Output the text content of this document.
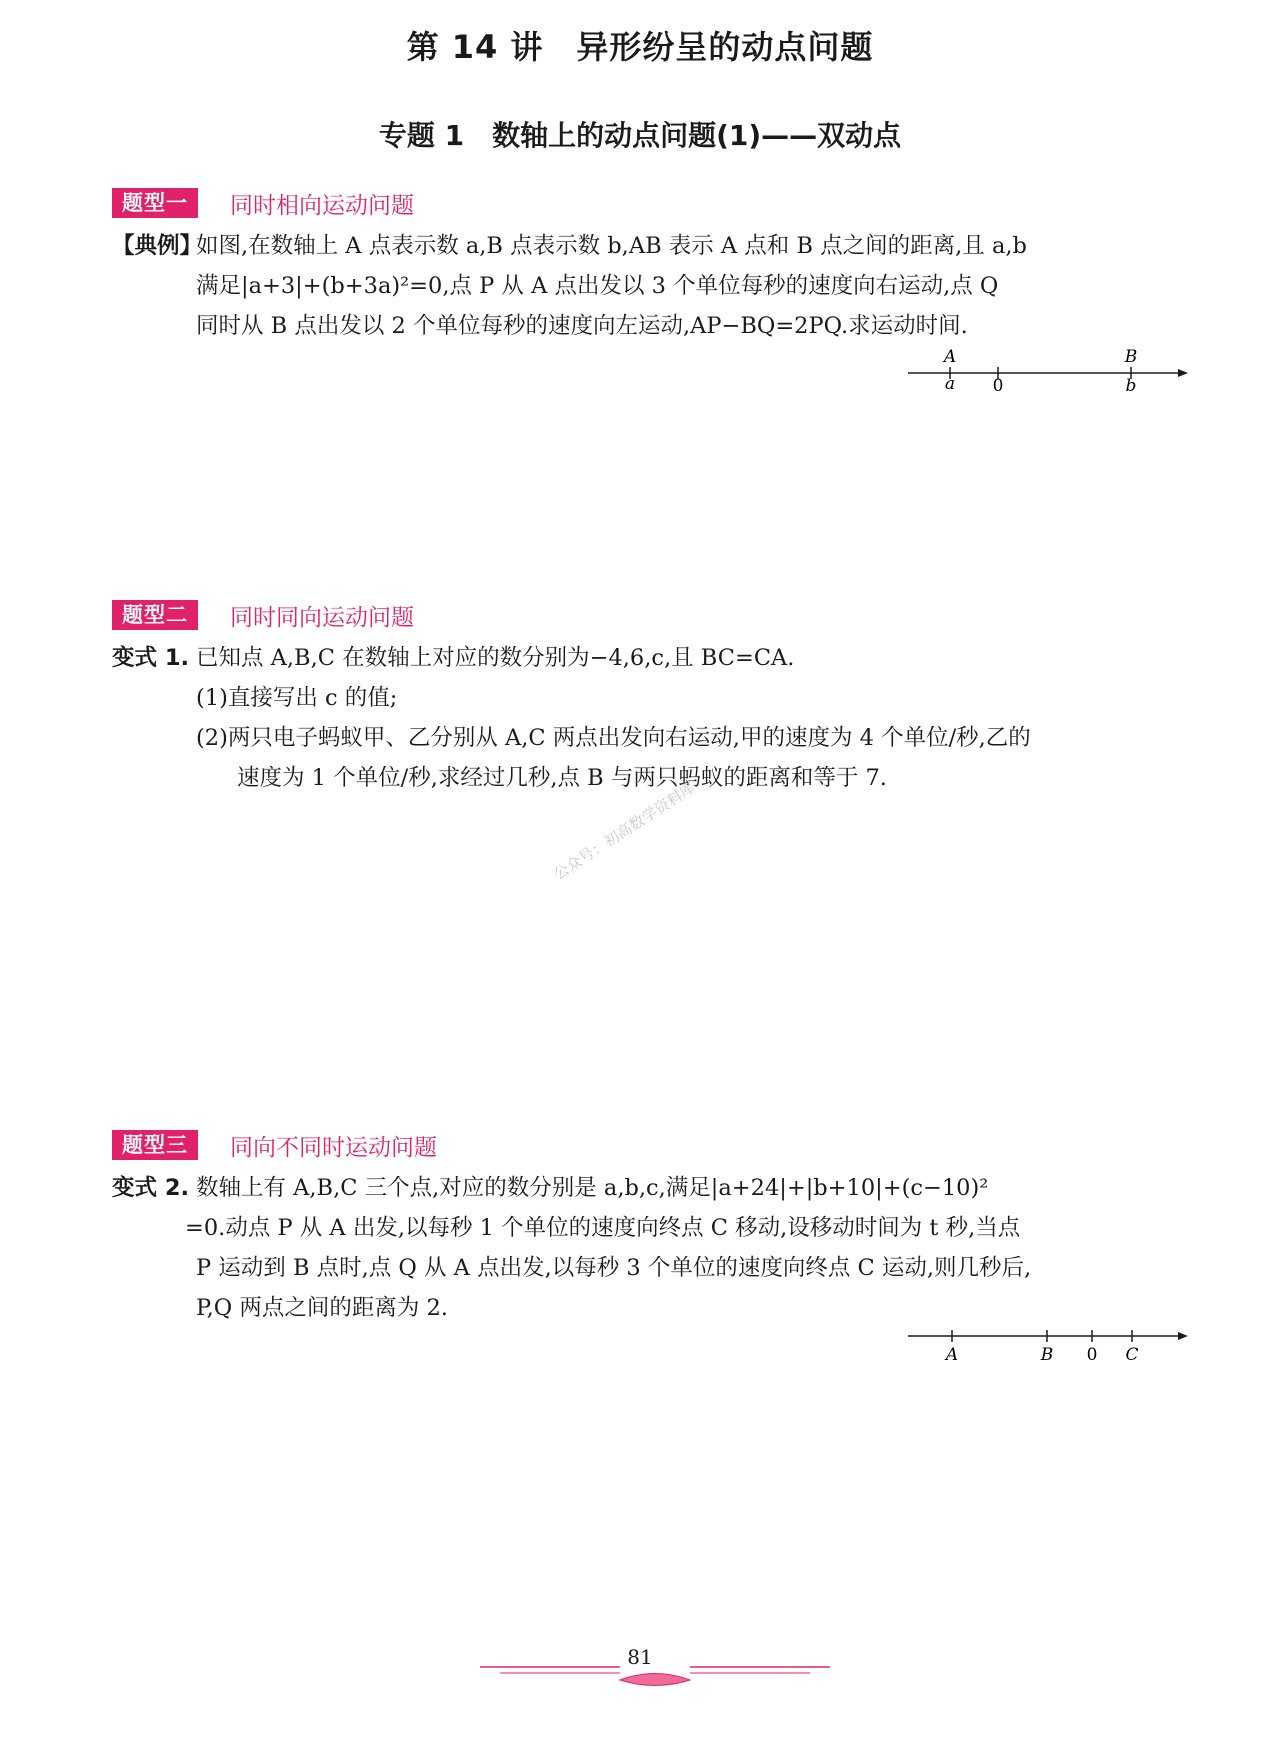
第 14 讲　异形纷呈的动点问题
专题 1　数轴上的动点问题(1)——双动点
题型一	同时相向运动问题
【典例】
如图,在数轴上 A 点表示数 a,B 点表示数 b,AB 表示 A 点和 B 点之间的距离,且 a,b
满足|a+3|+(b+3a)²=0,点 P 从 A 点出发以 3 个单位每秒的速度向右运动,点 Q
同时从 B 点出发以 2 个单位每秒的速度向左运动,AP−BQ=2PQ.求运动时间.
A	B
a 0	b
题型二	同时同向运动问题
变式 1. 已知点 A,B,C 在数轴上对应的数分别为−4,6,c,且 BC=CA.
(1)直接写出 c 的值;
(2)两只电子蚂蚁甲、乙分别从 A,C 两点出发向右运动,甲的速度为 4 个单位/秒,乙的
速度为 1 个单位/秒,求经过几秒,点 B 与两只蚂蚁的距离和等于 7.
公众号：初高数学资料库
题型三	同向不同时运动问题
变式 2. 数轴上有 A,B,C 三个点,对应的数分别是 a,b,c,满足|a+24|+|b+10|+(c−10)²
=0.动点 P 从 A 出发,以每秒 1 个单位的速度向终点 C 移动,设移动时间为 t 秒,当点
P 运动到 B 点时,点 Q 从 A 点出发,以每秒 3 个单位的速度向终点 C 运动,则几秒后,
P,Q 两点之间的距离为 2.
A	B 0 C
81
